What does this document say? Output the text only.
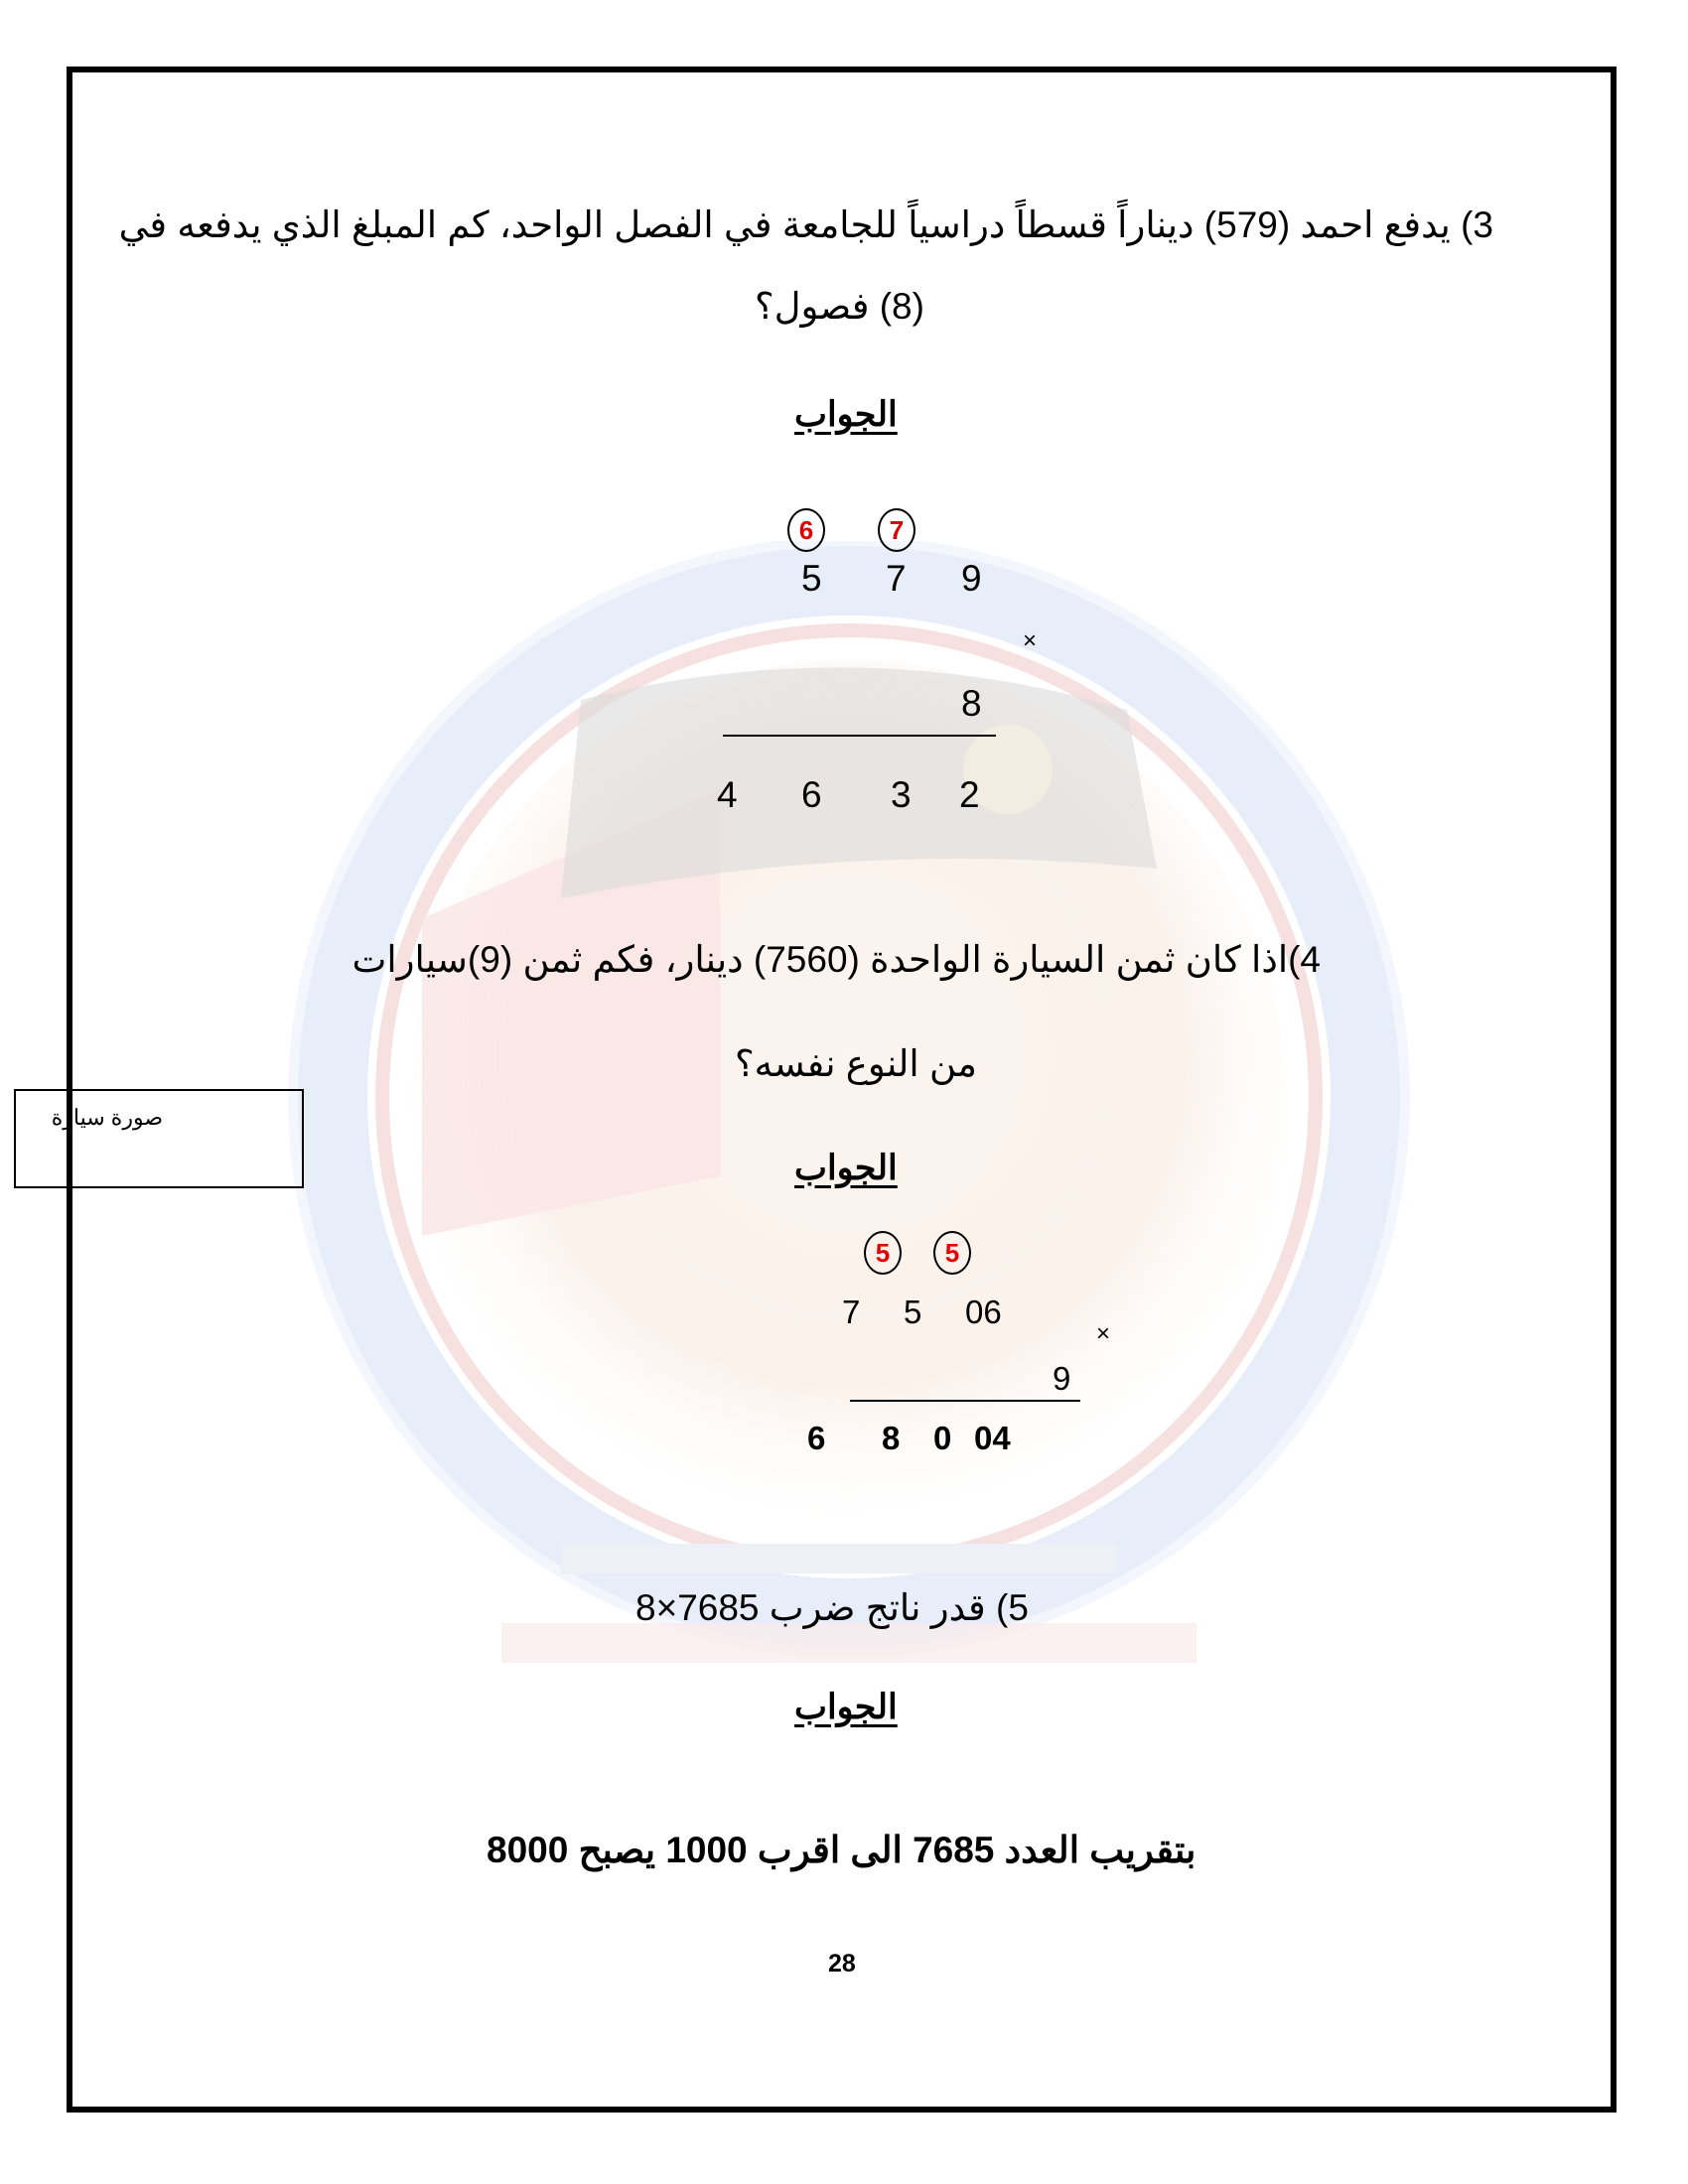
3) يدفع احمد (579) ديناراً قسطاً دراسياً للجامعة في الفصل الواحد، كم المبلغ الذي يدفعه في
(8) فصول؟
الجواب
6	7
5 7 9
×
8
4 6 3 2
4)اذا كان ثمن السيارة الواحدة (7560) دينار، فكم ثمن (9)سيارات
من النوع نفسه؟
صورة سيارة
الجواب
5	5
7 5 06
×
9
6 8 0 04
5) قدر ناتج ضرب 7685×8
الجواب
بتقريب العدد 7685 الى اقرب 1000 يصبح 8000
28
